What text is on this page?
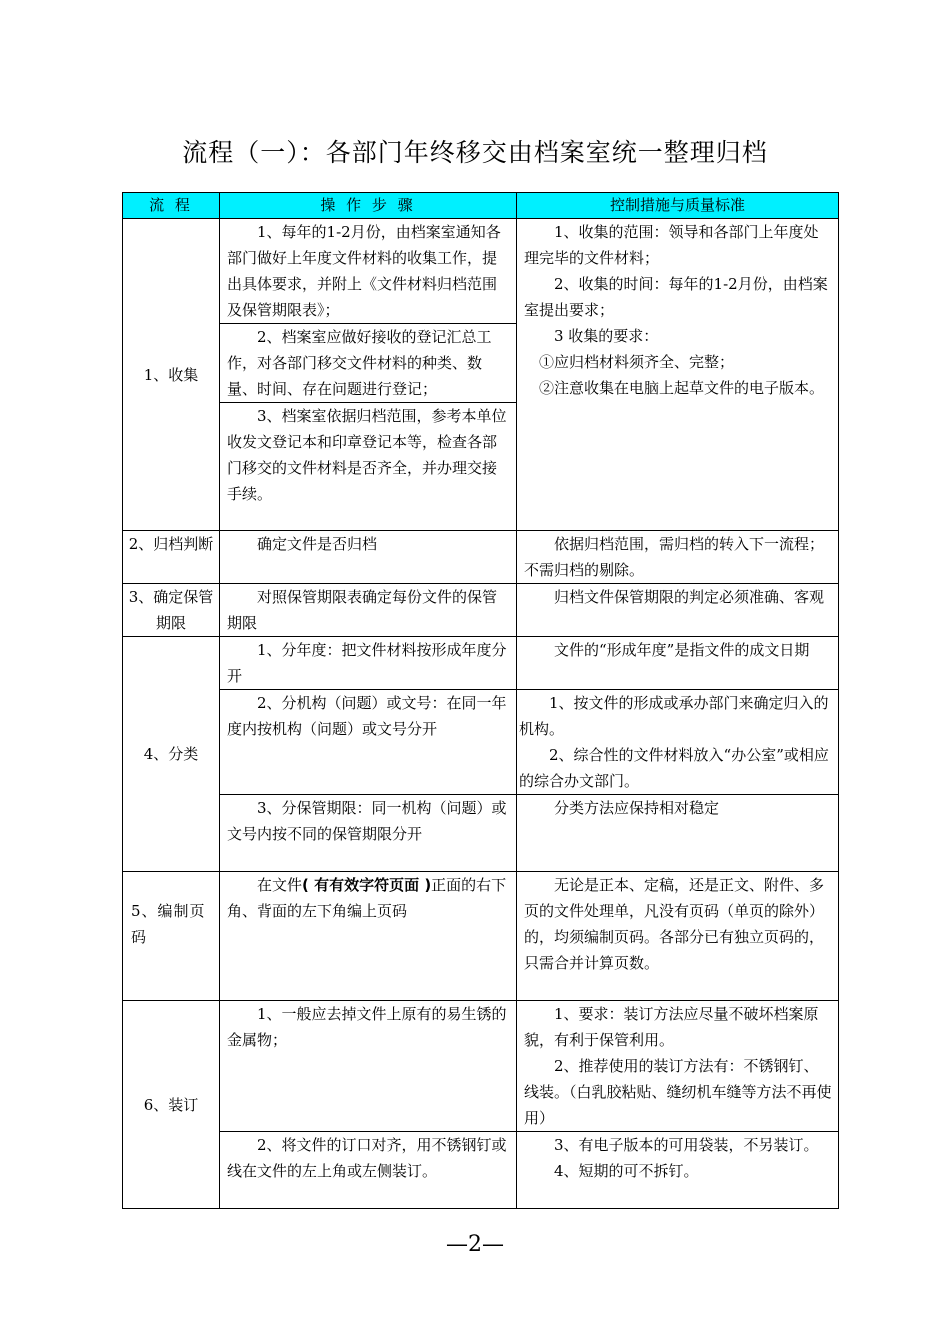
流程（一）：各部门年终移交由档案室统一整理归档
流 程	操 作 步 骤	控制措施与质量标准
1、收集	1、每年的1-2月份，由档案室通知各部门做好上年度文件材料的收集工作，提出具体要求，并附上《文件材料归档范围及保管期限表》；	1、收集的范围：领导和各部门上年度处理完毕的文件材料；
2、收集的时间：每年的1-2月份，由档案室提出要求；
3 收集的要求：
①应归档材料须齐全、完整；
②注意收集在电脑上起草文件的电子版本。

	2、档案室应做好接收的登记汇总工作，对各部门移交文件材料的种类、数量、时间、存在问题进行登记；	

	3、档案室依据归档范围，参考本单位收发文登记本和印章登记本等，检查各部门移交的文件材料是否齐全，并办理交接手续。	

2、归档判断	确定文件是否归档	依据归档范围，需归档的转入下一流程；不需归档的剔除。

3、确定保管期限	对照保管期限表确定每份文件的保管期限	归档文件保管期限的判定必须准确、客观

4、分类	1、分年度：把文件材料按形成年度分开	文件的“形成年度”是指文件的成文日期

	2、分机构（问题）或文号：在同一年度内按机构（问题）或文号分开	1、按文件的形成或承办部门来确定归入的机构。
2、综合性的文件材料放入“办公室”或相应的综合办文部门。

	3、分保管期限：同一机构（问题）或文号内按不同的保管期限分开	分类方法应保持相对稳定

5、编制页
码	在文件( 有有效字符页面 )正面的右下角、背面的左下角编上页码	无论是正本、定稿，还是正文、附件、多页的文件处理单，凡没有页码（单页的除外）的，均须编制页码。各部分已有独立页码的，只需合并计算页数。

6、装订	1、一般应去掉文件上原有的易生锈的金属物；	1、要求：装订方法应尽量不破坏档案原貌，有利于保管利用。
2、推荐使用的装订方法有：不锈钢钉、线装。（白乳胶粘贴、缝纫机车缝等方法不再使用）

	2、将文件的订口对齐，用不锈钢钉或线在文件的左上角或左侧装订。	3、有电子版本的可用袋装，不另装订。
4、短期的可不拆钉。
—2—
